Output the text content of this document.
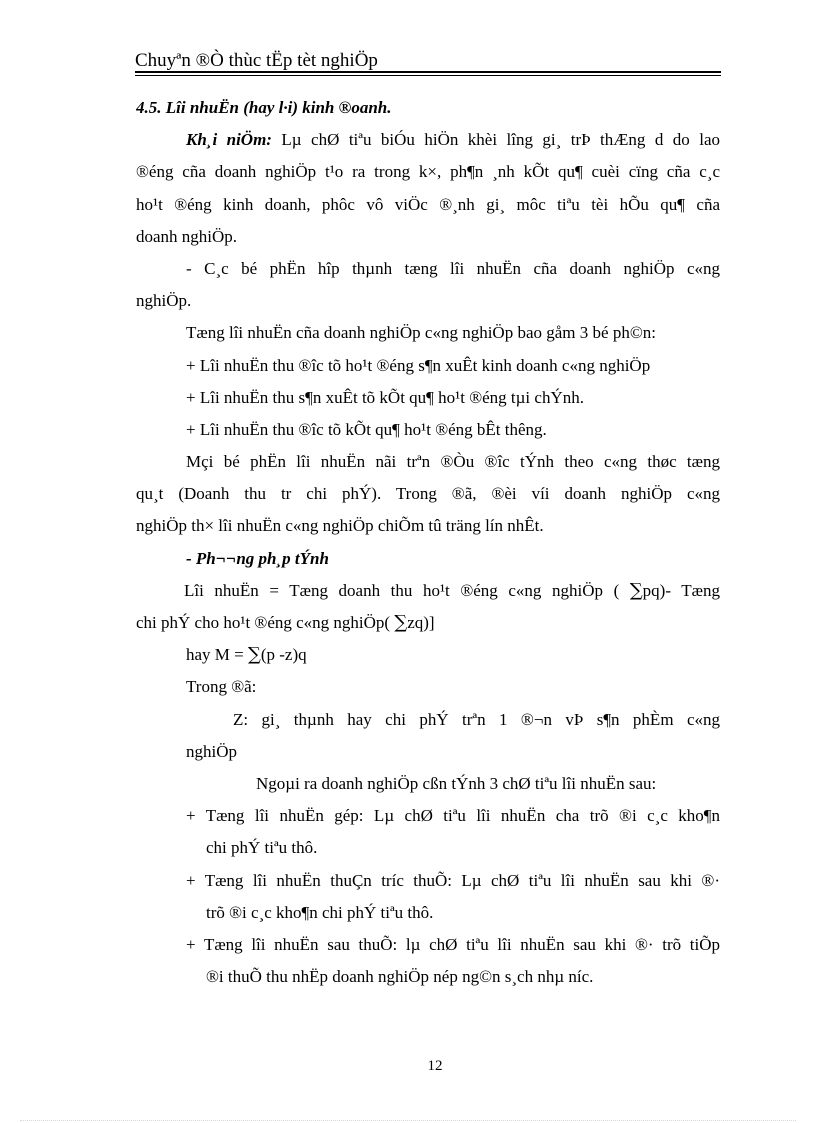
Chuyªn ®Ò thùc tËp tèt nghiÖp
4.5. Lîi nhuËn (hay l·i) kinh ®oanh.
Kh¸i niÖm: Lµ chØ tiªu biÓu hiÖn khèi lîng gi¸ trÞ thÆng d do lao
®éng cña doanh nghiÖp t¹o ra trong k×, ph¶n ¸nh kÕt qu¶ cuèi cïng cña c¸c
ho¹t ®éng kinh doanh, phôc vô viÖc ®¸nh gi¸ môc tiªu tèi hÕu qu¶ cña
doanh nghiÖp.
- C¸c bé phËn hîp thµnh tæng lîi nhuËn cña doanh nghiÖp c«ng
nghiÖp.
Tæng lîi nhuËn cña doanh nghiÖp c«ng nghiÖp bao gåm 3 bé ph©n:
+ Lîi nhuËn thu ®îc tõ ho¹t ®éng s¶n xuÊt kinh doanh c«ng nghiÖp
+ Lîi nhuËn thu s¶n xuÊt tõ kÕt qu¶ ho¹t ®éng tµi chÝnh.
+ Lîi nhuËn thu ®îc tõ kÕt qu¶ ho¹t ®éng bÊt thêng.
Mçi bé phËn lîi nhuËn nãi trªn ®Òu ®îc tÝnh theo c«ng thøc tæng
qu¸t (Doanh thu tr chi phÝ). Trong ®ã, ®èi víi doanh nghiÖp c«ng
nghiÖp th× lîi nhuËn c«ng nghiÖp chiÕm tû träng lín nhÊt.
- Ph¬¬ng ph¸p tÝnh
Lîi nhuËn = Tæng doanh thu ho¹t ®éng c«ng nghiÖp ( ∑pq)- Tæng
chi phÝ cho ho¹t ®éng c«ng nghiÖp( ∑zq)]
hay M = ∑(p -z)q
Trong ®ã:
Z: gi¸ thµnh hay chi phÝ trªn 1 ®¬n vÞ s¶n phÈm c«ng
nghiÖp
Ngoµi ra doanh nghiÖp cßn tÝnh 3 chØ tiªu lîi nhuËn sau:
+ Tæng lîi nhuËn gép: Lµ chØ tiªu lîi nhuËn cha trõ ®i c¸c kho¶n
chi phÝ tiªu thô.
+ Tæng lîi nhuËn thuÇn tríc thuÕ: Lµ chØ tiªu lîi nhuËn sau khi ®·
trõ ®i c¸c kho¶n chi phÝ tiªu thô.
+ Tæng lîi nhuËn sau thuÕ: lµ chØ tiªu lîi nhuËn sau khi ®· trõ tiÕp
®i thuÕ thu nhËp doanh nghiÖp nép ng©n s¸ch nhµ níc.
12
